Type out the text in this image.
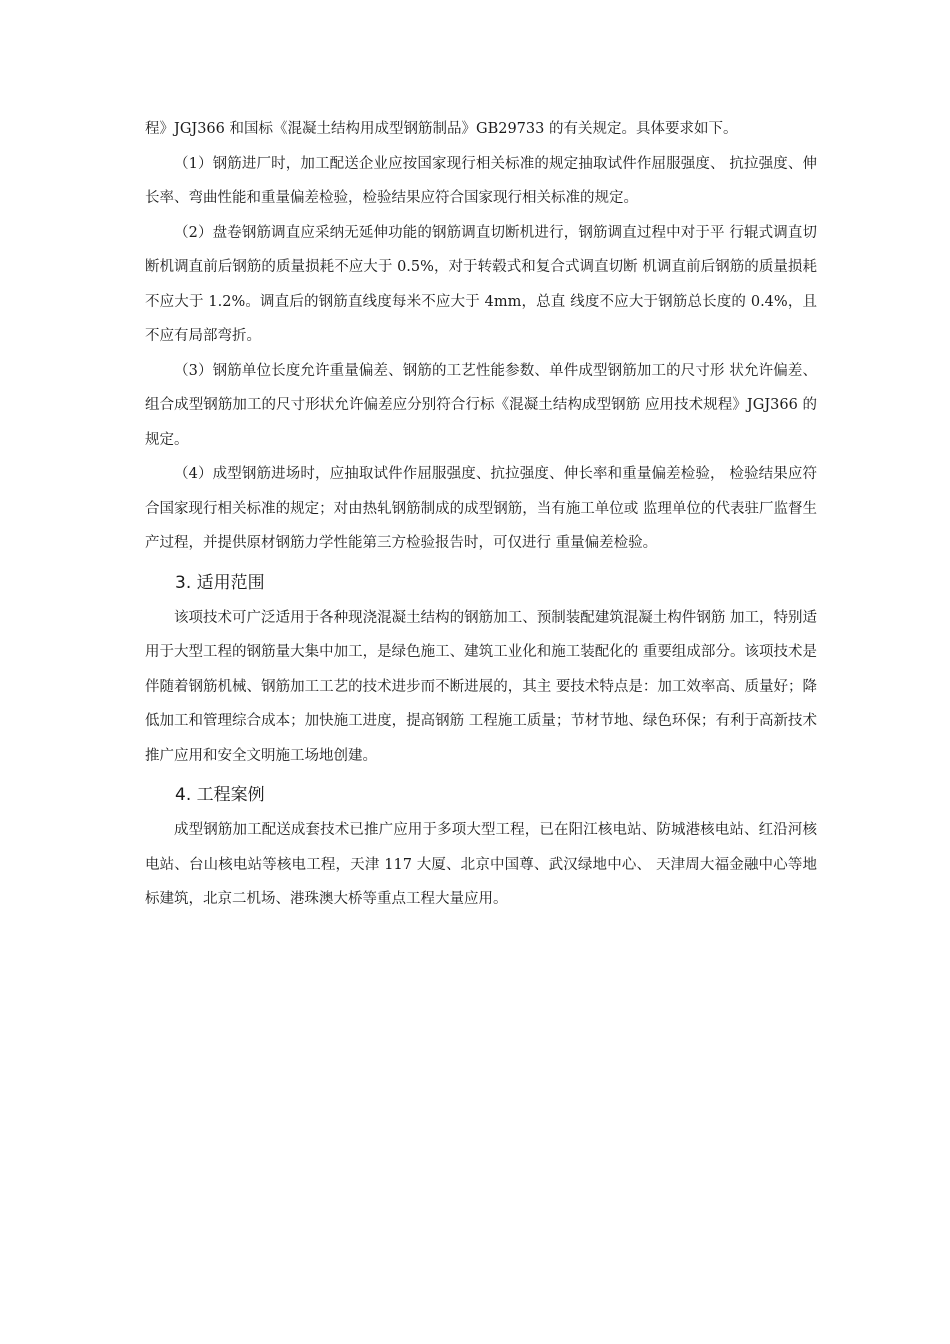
程》JGJ366 和国标《混凝土结构用成型钢筋制品》GB29733 的有关规定。具体要求如下。

（1）钢筋进厂时，加工配送企业应按国家现行相关标准的规定抽取试件作屈服强度、 抗拉强度、伸长率、弯曲性能和重量偏差检验，检验结果应符合国家现行相关标准的规定。

（2）盘卷钢筋调直应采纳无延伸功能的钢筋调直切断机进行，钢筋调直过程中对于平 行辊式调直切断机调直前后钢筋的质量损耗不应大于 0.5%，对于转毂式和复合式调直切断 机调直前后钢筋的质量损耗不应大于 1.2%。调直后的钢筋直线度每米不应大于 4mm，总直 线度不应大于钢筋总长度的 0.4%，且不应有局部弯折。

（3）钢筋单位长度允许重量偏差、钢筋的工艺性能参数、单件成型钢筋加工的尺寸形 状允许偏差、组合成型钢筋加工的尺寸形状允许偏差应分别符合行标《混凝土结构成型钢筋 应用技术规程》JGJ366 的规定。

（4）成型钢筋进场时，应抽取试件作屈服强度、抗拉强度、伸长率和重量偏差检验， 检验结果应符合国家现行相关标准的规定；对由热轧钢筋制成的成型钢筋，当有施工单位或 监理单位的代表驻厂监督生产过程，并提供原材钢筋力学性能第三方检验报告时，可仅进行 重量偏差检验。

3. 适用范围

该项技术可广泛适用于各种现浇混凝土结构的钢筋加工、预制装配建筑混凝土构件钢筋 加工，特别适用于大型工程的钢筋量大集中加工，是绿色施工、建筑工业化和施工装配化的 重要组成部分。该项技术是伴随着钢筋机械、钢筋加工工艺的技术进步而不断进展的，其主 要技术特点是：加工效率高、质量好；降低加工和管理综合成本；加快施工进度，提高钢筋 工程施工质量；节材节地、绿色环保；有利于高新技术推广应用和安全文明施工场地创建。

4. 工程案例

成型钢筋加工配送成套技术已推广应用于多项大型工程，已在阳江核电站、防城港核电站、红沿河核电站、台山核电站等核电工程，天津 117 大厦、北京中国尊、武汉绿地中心、 天津周大福金融中心等地标建筑，北京二机场、港珠澳大桥等重点工程大量应用。
